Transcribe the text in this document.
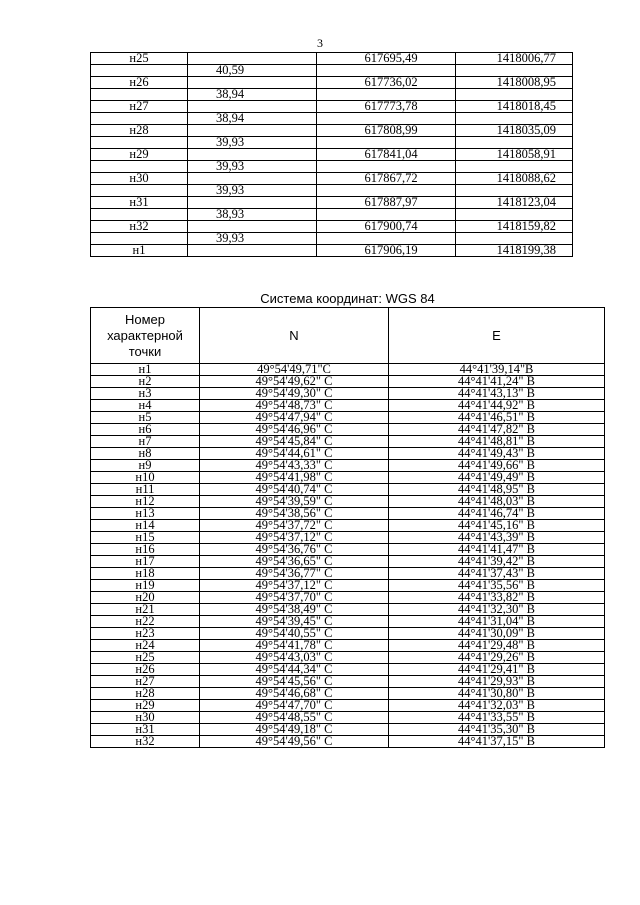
3
н25		617695,49	1418006,77
	40,59		
н26		617736,02	1418008,95
	38,94		
н27		617773,78	1418018,45
	38,94		
н28		617808,99	1418035,09
	39,93		
н29		617841,04	1418058,91
	39,93		
н30		617867,72	1418088,62
	39,93		
н31		617887,97	1418123,04
	38,93		
н32		617900,74	1418159,82
	39,93		
н1		617906,19	1418199,38
Система координат: WGS 84
Номер характерной точки	N	E
н1	49°54'49,71"С	44°41'39,14"В
н2	49°54'49,62" С	44°41'41,24" В
н3	49°54'49,30" С	44°41'43,13" В
н4	49°54'48,73" С	44°41'44,92" В
н5	49°54'47,94" С	44°41'46,51" В
н6	49°54'46,96" С	44°41'47,82" В
н7	49°54'45,84" С	44°41'48,81" В
н8	49°54'44,61" С	44°41'49,43" В
н9	49°54'43,33" С	44°41'49,66" В
н10	49°54'41,98" С	44°41'49,49" В
н11	49°54'40,74" С	44°41'48,95" В
н12	49°54'39,59" С	44°41'48,03" В
н13	49°54'38,56" С	44°41'46,74" В
н14	49°54'37,72" С	44°41'45,16" В
н15	49°54'37,12" С	44°41'43,39" В
н16	49°54'36,76" С	44°41'41,47" В
н17	49°54'36,65" С	44°41'39,42" В
н18	49°54'36,77" С	44°41'37,43" В
н19	49°54'37,12" С	44°41'35,56" В
н20	49°54'37,70" С	44°41'33,82" В
н21	49°54'38,49" С	44°41'32,30" В
н22	49°54'39,45" С	44°41'31,04" В
н23	49°54'40,55" С	44°41'30,09" В
н24	49°54'41,78" С	44°41'29,48" В
н25	49°54'43,03" С	44°41'29,26" В
н26	49°54'44,34" С	44°41'29,41" В
н27	49°54'45,56" С	44°41'29,93" В
н28	49°54'46,68" С	44°41'30,80" В
н29	49°54'47,70" С	44°41'32,03" В
н30	49°54'48,55" С	44°41'33,55" В
н31	49°54'49,18" С	44°41'35,30" В
н32	49°54'49,56" С	44°41'37,15" В
